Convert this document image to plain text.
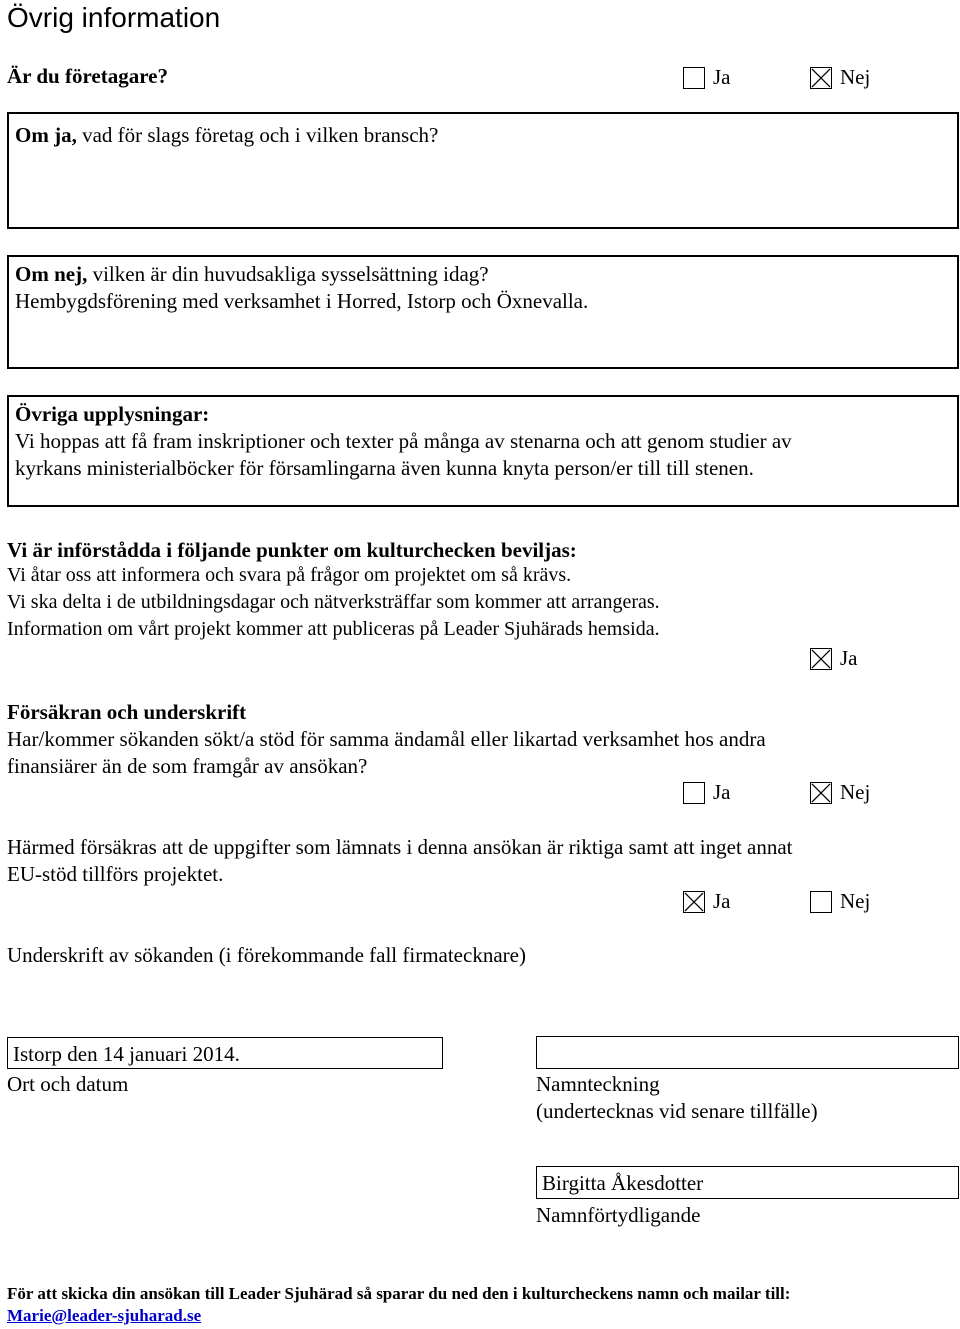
Övrig information
Är du företagare?	Ja	Nej
Om ja, vad för slags företag och i vilken bransch?
Om nej, vilken är din huvudsakliga sysselsättning idag?
Hembygdsförening med verksamhet i Horred, Istorp och Öxnevalla.
Övriga upplysningar:
Vi hoppas att få fram inskriptioner och texter på många av stenarna och att genom studier av
kyrkans ministerialböcker för församlingarna även kunna knyta person/er till till stenen.
Vi är införstådda i följande punkter om kulturchecken beviljas:
Vi åtar oss att informera och svara på frågor om projektet om så krävs.
Vi ska delta i de utbildningsdagar och nätverksträffar som kommer att arrangeras.
Information om vårt projekt kommer att publiceras på Leader Sjuhärads hemsida.
Ja
Försäkran och underskrift
Har/kommer sökanden sökt/a stöd för samma ändamål eller likartad verksamhet hos andra
finansiärer än de som framgår av ansökan?
Ja	Nej
Härmed försäkras att de uppgifter som lämnats i denna ansökan är riktiga samt att inget annat
EU-stöd tillförs projektet.
Ja	Nej
Underskrift av sökanden (i förekommande fall firmatecknare)
Istorp den 14 januari 2014.
Ort och datum	Namnteckning
(undertecknas vid senare tillfälle)
Birgitta Åkesdotter
Namnförtydligande
För att skicka din ansökan till Leader Sjuhärad så sparar du ned den i kulturcheckens namn och mailar till:
Marie@leader-sjuharad.se
